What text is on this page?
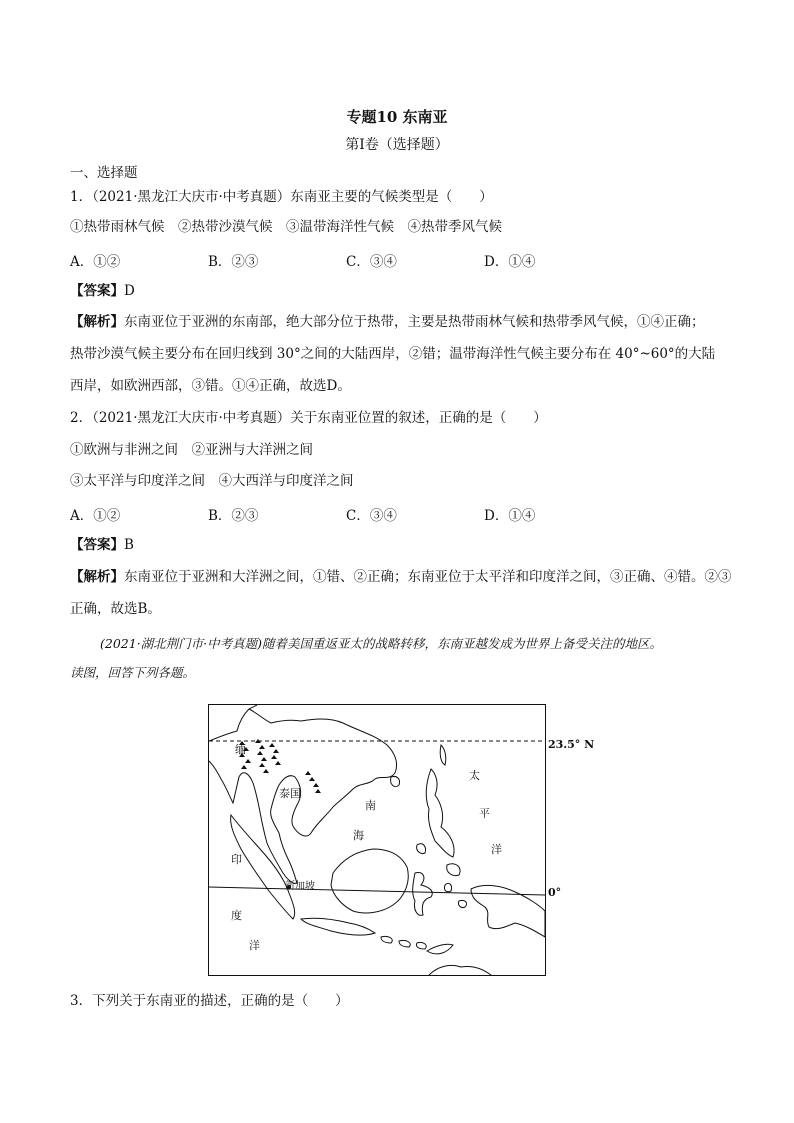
专题10 东南亚
第I卷（选择题）
一、选择题
1．（2021·黑龙江大庆市·中考真题）东南亚主要的气候类型是（　　）
①热带雨林气候　②热带沙漠气候　③温带海洋性气候　④热带季风气候
A．①②	B．②③	C．③④	D．①④
【答案】D
【解析】东南亚位于亚洲的东南部，绝大部分位于热带，主要是热带雨林气候和热带季风气候，①④正确；
热带沙漠气候主要分布在回归线到 30°之间的大陆西岸，②错；温带海洋性气候主要分布在 40°~60°的大陆
西岸，如欧洲西部，③错。①④正确，故选D。
2．（2021·黑龙江大庆市·中考真题）关于东南亚位置的叙述，正确的是（　　）
①欧洲与非洲之间　②亚洲与大洋洲之间
③太平洋与印度洋之间　④大西洋与印度洋之间
A．①②	B．②③	C．③④	D．①④
【答案】B
【解析】东南亚位于亚洲和大洋洲之间，①错、②正确；东南亚位于太平洋和印度洋之间，③正确、④错。②③
正确，故选B。
(2021·湖北荆门市·中考真题)随着美国重返亚太的战略转移，东南亚越发成为世界上备受关注的地区。
读图，回答下列各题。
缅
泰国
南
海
太
平
洋
印
度
洋
新加坡
23.5° N
0°
3．下列关于东南亚的描述，正确的是（　　）
